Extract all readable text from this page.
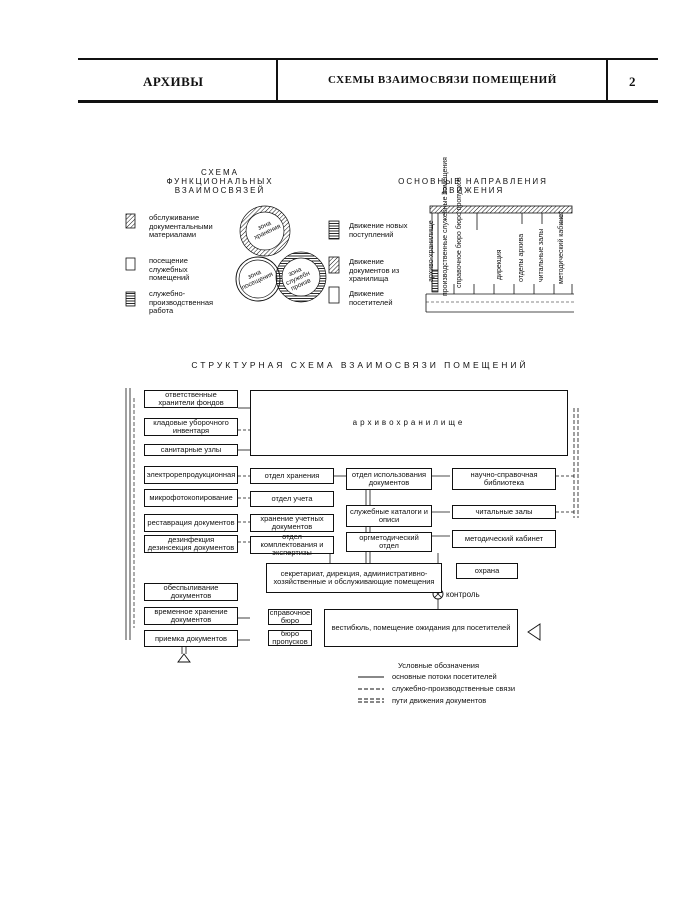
АРХИВЫ	СХЕМЫ ВЗАИМОСВЯЗИ ПОМЕЩЕНИЙ	2
СХЕМА
ФУНКЦИОНАЛЬНЫХ
ВЗАИМОСВЯЗЕЙ
обслуживание документальными материалами
посещение служебных помещений
служебно-производственная работа
зона хранения
зона посещения	зона служебн произв
ОСНОВНЫЕ НАПРАВЛЕНИЯ
ДВИЖЕНИЯ
Движение новых поступлений
Движение документов из хранилища
Движение посетителей
архиво-хранилище производственные служебные помещения справочное бюро бюро пропусков	дирекция отделы архива читальные залы методический кабинет
СТРУКТУРНАЯ СХЕМА ВЗАИМОСВЯЗИ ПОМЕЩЕНИЙ
ответственные хранители фондов
кладовые уборочного инвентаря
санитарные узлы
электрорепродукционная
микрофотокопирование
реставрация документов
дезинфекция дезинсекция документов
обеспыливание документов
временное хранение документов
приемка документов
архивохранилище
отдел хранения
отдел учета
хранение учетных документов
отдел комплектования и экспертизы
отдел использования документов
служебные каталоги и описи
оргметодический отдел
научно-справочная библиотека
читальные залы
методический кабинет
секретариат, дирекция, административно-хозяйственные и обслуживающие помещения
охрана
контроль
справочное бюро
бюро пропусков
вестибюль, помещение ожидания для посетителей
Условные обозначения
основные потоки посетителей
служебно-производственные связи
пути движения документов
